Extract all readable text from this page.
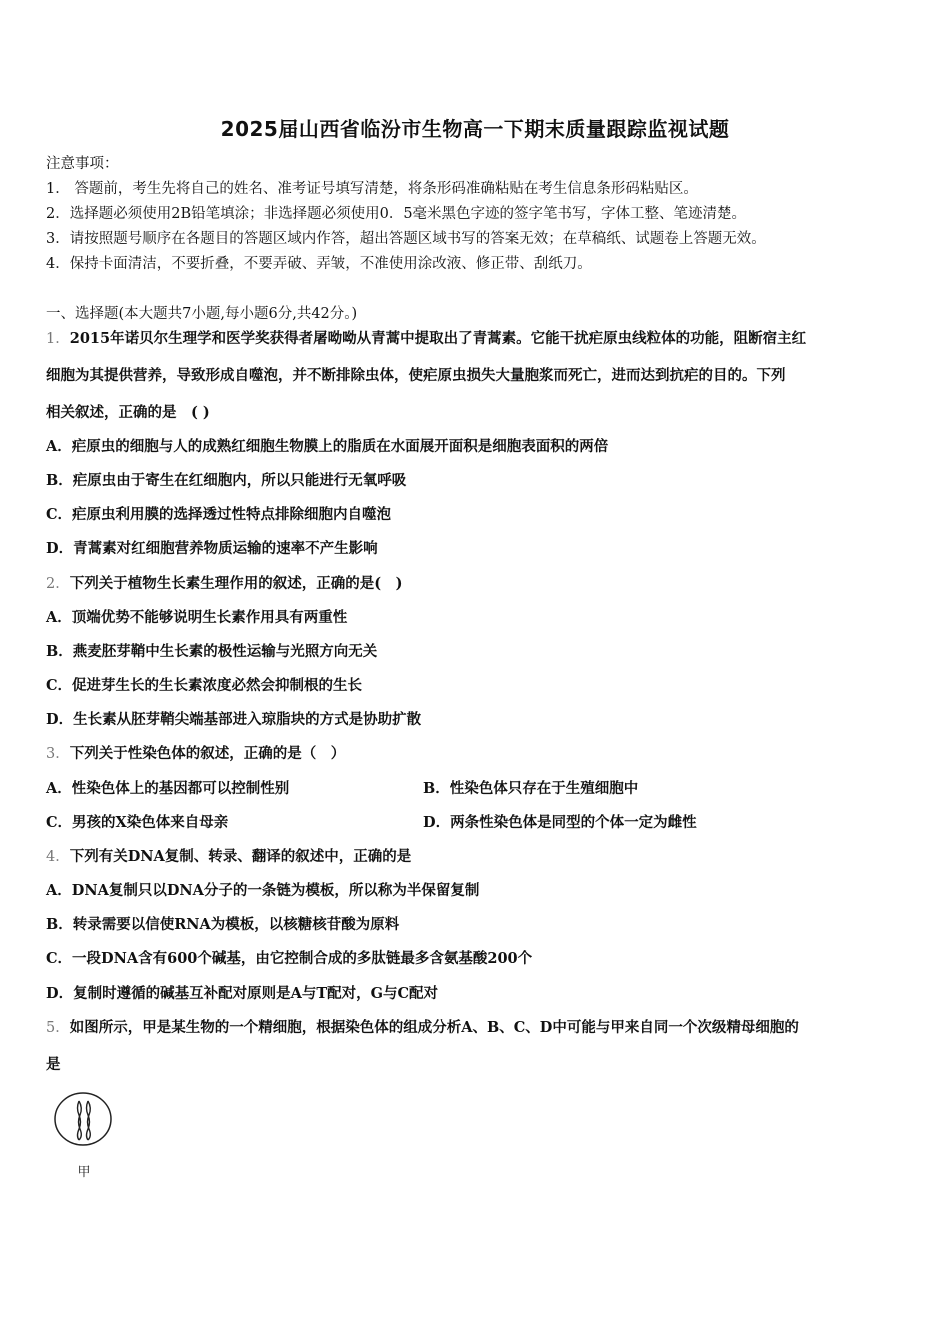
2025届山西省临汾市生物高一下期末质量跟踪监视试题
注意事项：
1． 答题前，考生先将自己的姓名、准考证号填写清楚，将条形码准确粘贴在考生信息条形码粘贴区。
2．选择题必须使用2B铅笔填涂；非选择题必须使用0．5毫米黑色字迹的签字笔书写，字体工整、笔迹清楚。
3．请按照题号顺序在各题目的答题区域内作答，超出答题区域书写的答案无效；在草稿纸、试题卷上答题无效。
4．保持卡面清洁，不要折叠，不要弄破、弄皱，不准使用涂改液、修正带、刮纸刀。
一、选择题(本大题共7小题,每小题6分,共42分。)
1．2015年诺贝尔生理学和医学奖获得者屠呦呦从青蒿中提取出了青蒿素。它能干扰疟原虫线粒体的功能，阻断宿主红
细胞为其提供营养，导致形成自噬泡，并不断排除虫体，使疟原虫损失大量胞浆而死亡，进而达到抗疟的目的。下列
相关叙述，正确的是　( )
A．疟原虫的细胞与人的成熟红细胞生物膜上的脂质在水面展开面积是细胞表面积的两倍
B．疟原虫由于寄生在红细胞内，所以只能进行无氧呼吸
C．疟原虫利用膜的选择透过性特点排除细胞内自噬泡
D．青蒿素对红细胞营养物质运输的速率不产生影响
2．下列关于植物生长素生理作用的叙述，正确的是(　)
A．顶端优势不能够说明生长素作用具有两重性
B．燕麦胚芽鞘中生长素的极性运输与光照方向无关
C．促进芽生长的生长素浓度必然会抑制根的生长
D．生长素从胚芽鞘尖端基部进入琼脂块的方式是协助扩散
3．下列关于性染色体的叙述，正确的是（　）
A．性染色体上的基因都可以控制性别	B．性染色体只存在于生殖细胞中
C．男孩的X染色体来自母亲	D．两条性染色体是同型的个体一定为雌性
4．下列有关DNA复制、转录、翻译的叙述中，正确的是
A．DNA复制只以DNA分子的一条链为模板，所以称为半保留复制
B．转录需要以信使RNA为模板，以核糖核苷酸为原料
C．一段DNA含有600个碱基，由它控制合成的多肽链最多含氨基酸200个
D．复制时遵循的碱基互补配对原则是A与T配对，G与C配对
5．如图所示，甲是某生物的一个精细胞，根据染色体的组成分析A、B、C、D中可能与甲来自同一个次级精母细胞的
是
甲
